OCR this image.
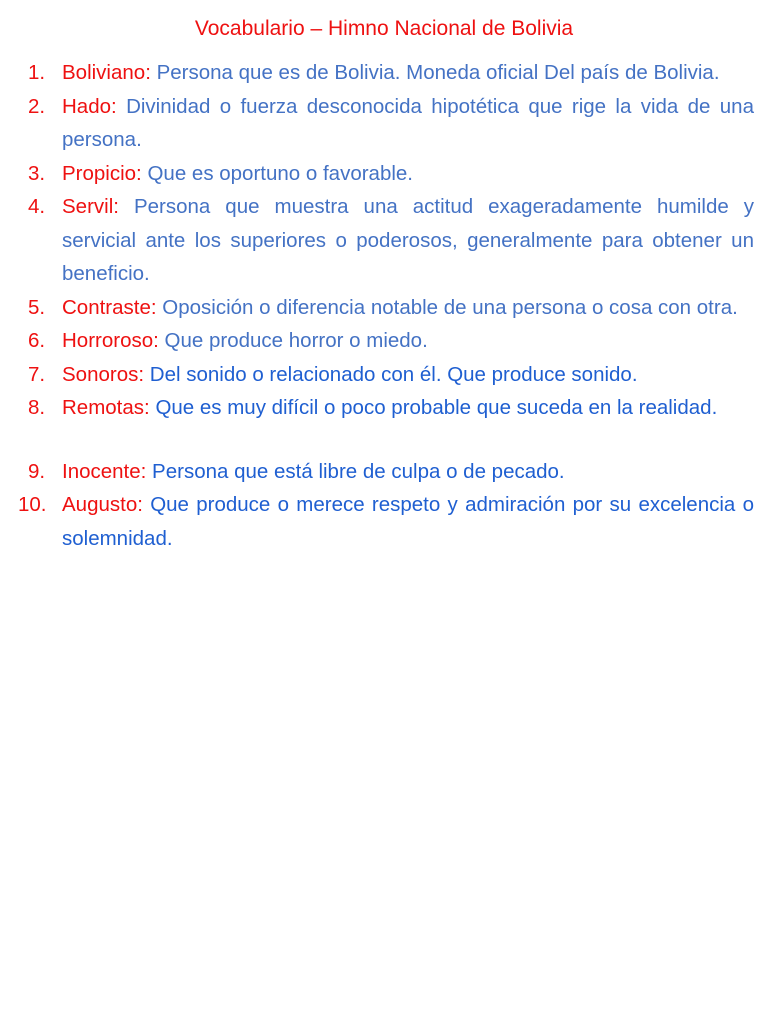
Vocabulario – Himno Nacional de Bolivia
1. Boliviano: Persona que es de Bolivia. Moneda oficial Del país de Bolivia.
2. Hado: Divinidad o fuerza desconocida hipotética que rige la vida de una persona.
3. Propicio: Que es oportuno o favorable.
4. Servil: Persona que muestra una actitud exageradamente humilde y servicial ante los superiores o poderosos, generalmente para obtener un beneficio.
5. Contraste: Oposición o diferencia notable de una persona o cosa con otra.
6. Horroroso: Que produce horror o miedo.
7. Sonoros: Del sonido o relacionado con él. Que produce sonido.
8. Remotas: Que es muy difícil o poco probable que suceda en la realidad.
9. Inocente: Persona que está libre de culpa o de pecado.
10. Augusto: Que produce o merece respeto y admiración por su excelencia o solemnidad.
